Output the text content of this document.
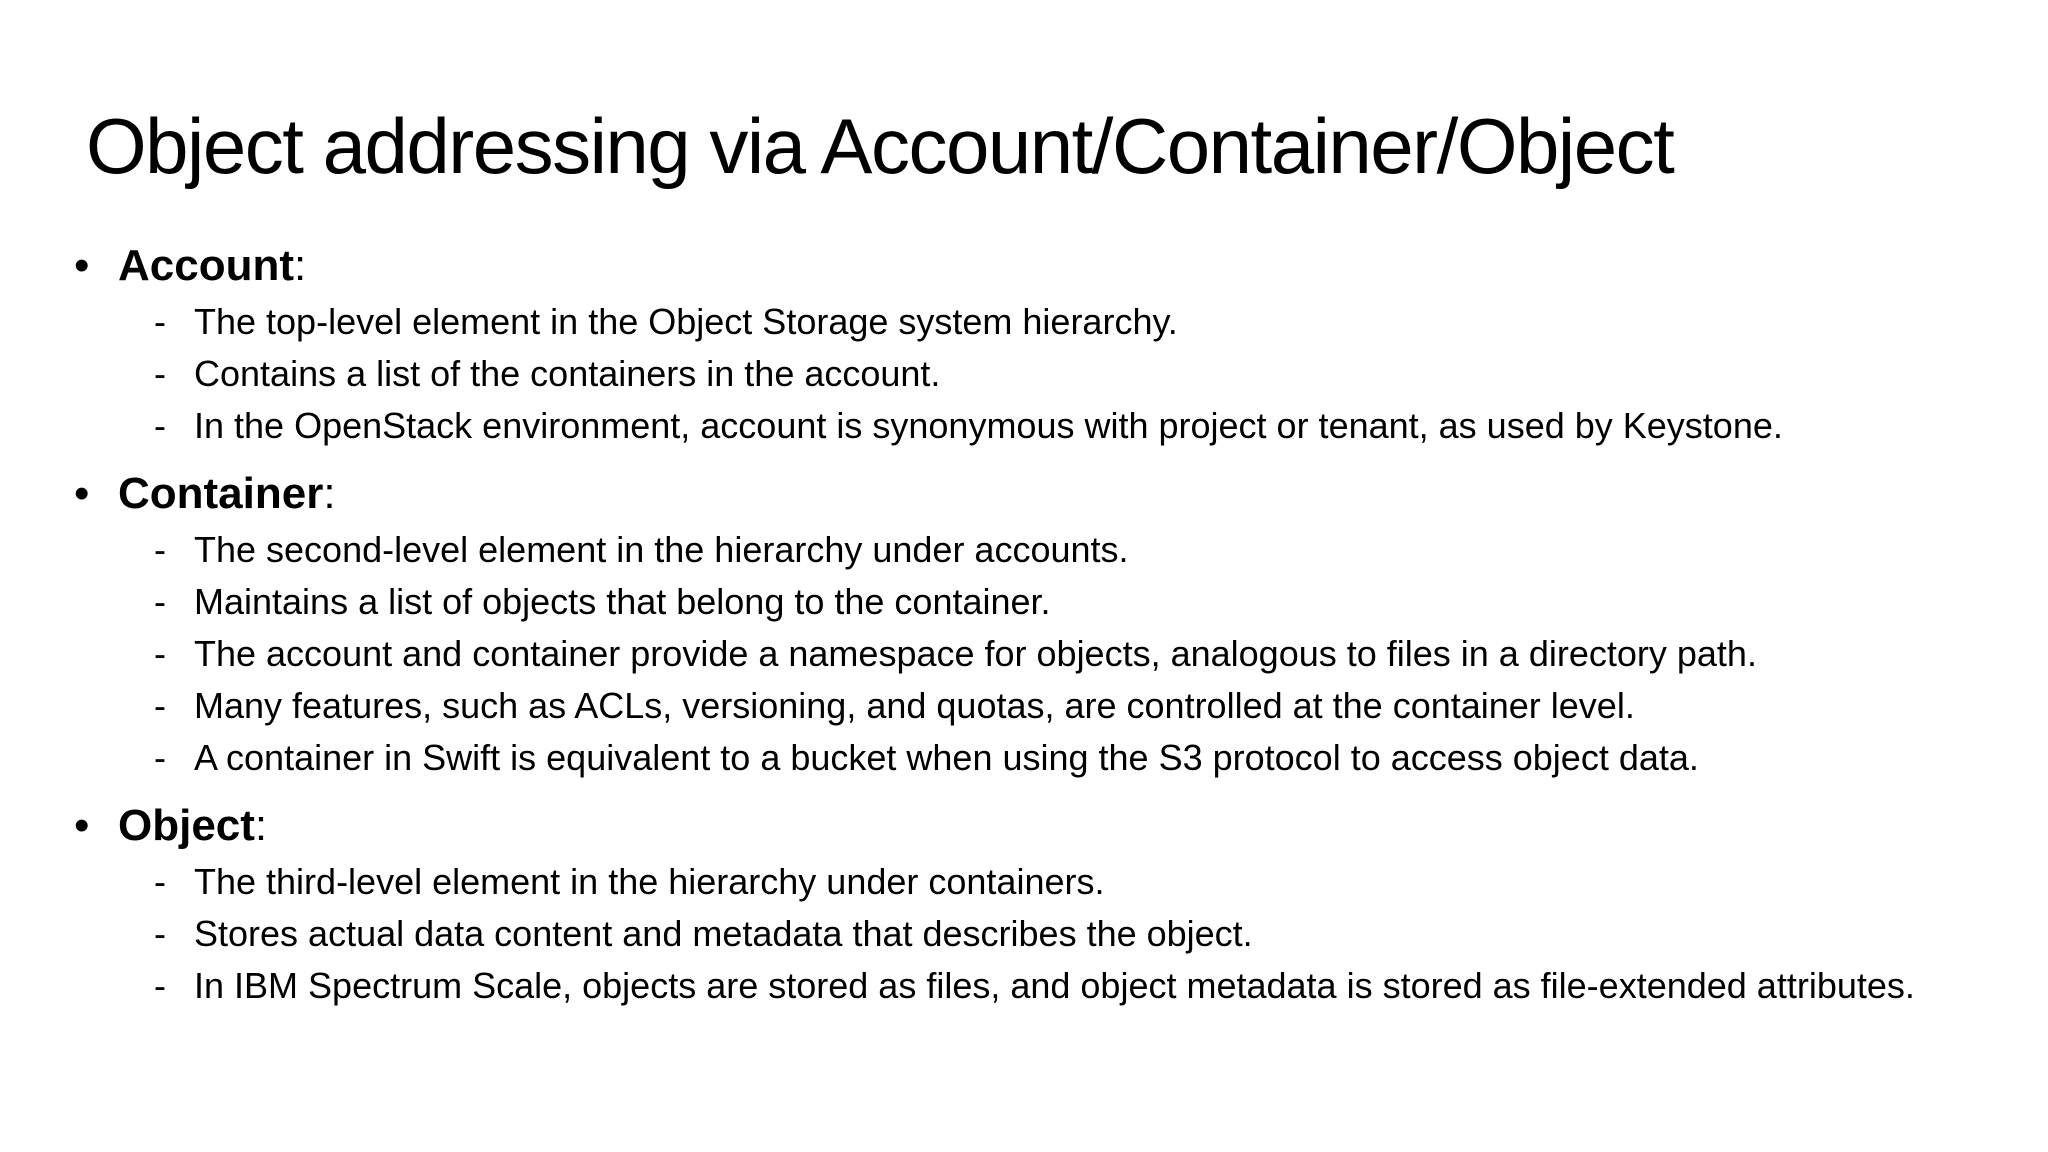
Object addressing via Account/Container/Object
• Account:
- The top-level element in the Object Storage system hierarchy.
- Contains a list of the containers in the account.
- In the OpenStack environment, account is synonymous with project or tenant, as used by Keystone.
• Container:
- The second-level element in the hierarchy under accounts.
- Maintains a list of objects that belong to the container.
- The account and container provide a namespace for objects, analogous to files in a directory path.
- Many features, such as ACLs, versioning, and quotas, are controlled at the container level.
- A container in Swift is equivalent to a bucket when using the S3 protocol to access object data.
• Object:
- The third-level element in the hierarchy under containers.
- Stores actual data content and metadata that describes the object.
- In IBM Spectrum Scale, objects are stored as files, and object metadata is stored as file-extended attributes.
